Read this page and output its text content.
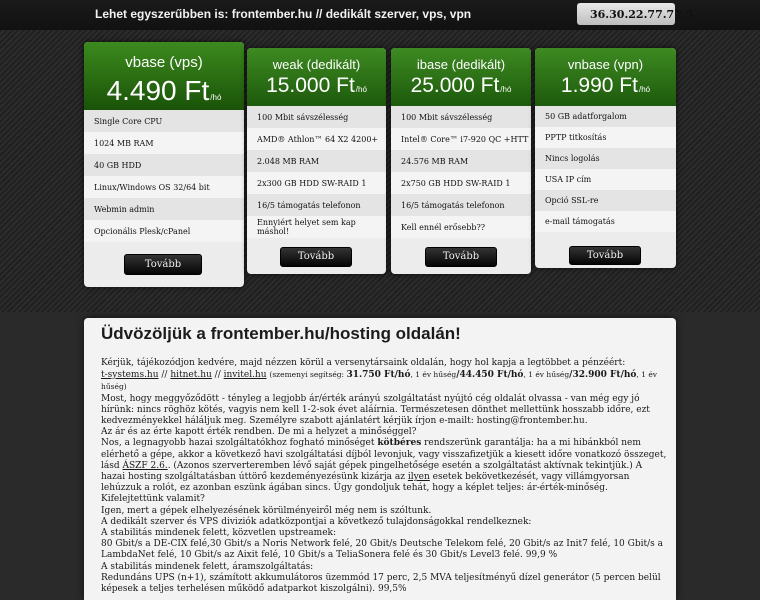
Lehet egyszerűbben is: frontember.hu // dedikált szerver, vps, vpn	36.30.22.77.77.5
vbase (vps)
4.490 Ft/hó
Single Core CPU
1024 MB RAM
40 GB HDD
Linux/Windows OS 32/64 bit
Webmin admin
Opcionális Plesk/cPanel
Tovább
weak (dedikált)
15.000 Ft/hó
100 Mbit sávszélesség
AMD® Athlon™ 64 X2 4200+
2.048 MB RAM
2x300 GB HDD SW-RAID 1
16/5 támogatás telefonon
Ennyiért helyet sem kap máshol!
Tovább
ibase (dedikált)
25.000 Ft/hó
100 Mbit sávszélesség
Intel® Core™ i7-920 QC +HTT
24.576 MB RAM
2x750 GB HDD SW-RAID 1
16/5 támogatás telefonon
Kell ennél erősebb??
Tovább
vnbase (vpn)
1.990 Ft/hó
50 GB adatforgalom
PPTP titkosítás
Nincs logolás
USA IP cím
Opció SSL-re
e-mail támogatás
Tovább
Üdvözöljük a frontember.hu/hosting oldalán!

Kérjük, tájékozódjon kedvére, majd nézzen körül a versenytársaink oldalán, hogy hol kapja a legtöbbet a pénzéért:

t-systems.hu // hitnet.hu // invitel.hu (szemenyi segítség: 31.750 Ft/hó, 1 év hűség/44.450 Ft/hó, 1 év hűség/32.900 Ft/hó, 1 év hűség)

Most, hogy meggyőződött - tényleg a legjobb ár/érték arányú szolgáltatást nyújtó cég oldalát olvassa - van még egy jó hírünk: nincs röghöz kötés, vagyis nem kell 1-2-sok évet aláírnia. Természetesen dönthet mellettünk hosszabb időre, ezt kedvezményekkel háláljuk meg. Személyre szabott ajánlatért kérjük írjon e-mailt: hosting@frontember.hu.

Az ár és az érte kapott érték rendben. De mi a helyzet a minőséggel?

Nos, a legnagyobb hazai szolgáltatókhoz fogható minőséget kötbéres rendszerünk garantálja: ha a mi hibánkból nem elérhető a gépe, akkor a következő havi szolgáltatási díjból levonjuk, vagy visszafizetjük a kiesett időre vonatkozó összeget, lásd ÁSZF 2.6.. (Azonos szerverteremben lévő saját gépek pingelhetősége esetén a szolgáltatást aktívnak tekintjük.) A hazai hosting szolgáltatásban úttörő kezdeményezésünk kizárja az ilyen esetek bekövetkezését, vagy villámgyorsan lehúzzuk a rolót, ez azonban eszünk ágában sincs. Úgy gondoljuk tehát, hogy a képlet teljes: ár-érték-minőség.

Kifelejtettünk valamit?

Igen, mert a gépek elhelyezésének körülményeiről még nem is szóltunk.

A dedikált szerver és VPS diviziók adatközpontjai a következő tulajdonságokkal rendelkeznek:

A stabilitás mindenek felett, közvetlen upstreamek:

80 Gbit/s a DE-CIX felé,30 Gbit/s a Noris Network felé, 20 Gbit/s Deutsche Telekom felé, 20 Gbit/s az Init7 felé, 10 Gbit/s a LambdaNet felé, 10 Gbit/s az Aixit felé, 10 Gbit/s a TeliaSonera felé és 30 Gbit/s Level3 felé. 99,9 %

A stabilitás mindenek felett, áramszolgáltatás:

Redundáns UPS (n+1), számított akkumulátoros üzemmód 17 perc, 2,5 MVA teljesítményű dízel generátor (5 percen belül képesek a teljes terhelésen működő adatparkot kiszolgálni). 99,5%
